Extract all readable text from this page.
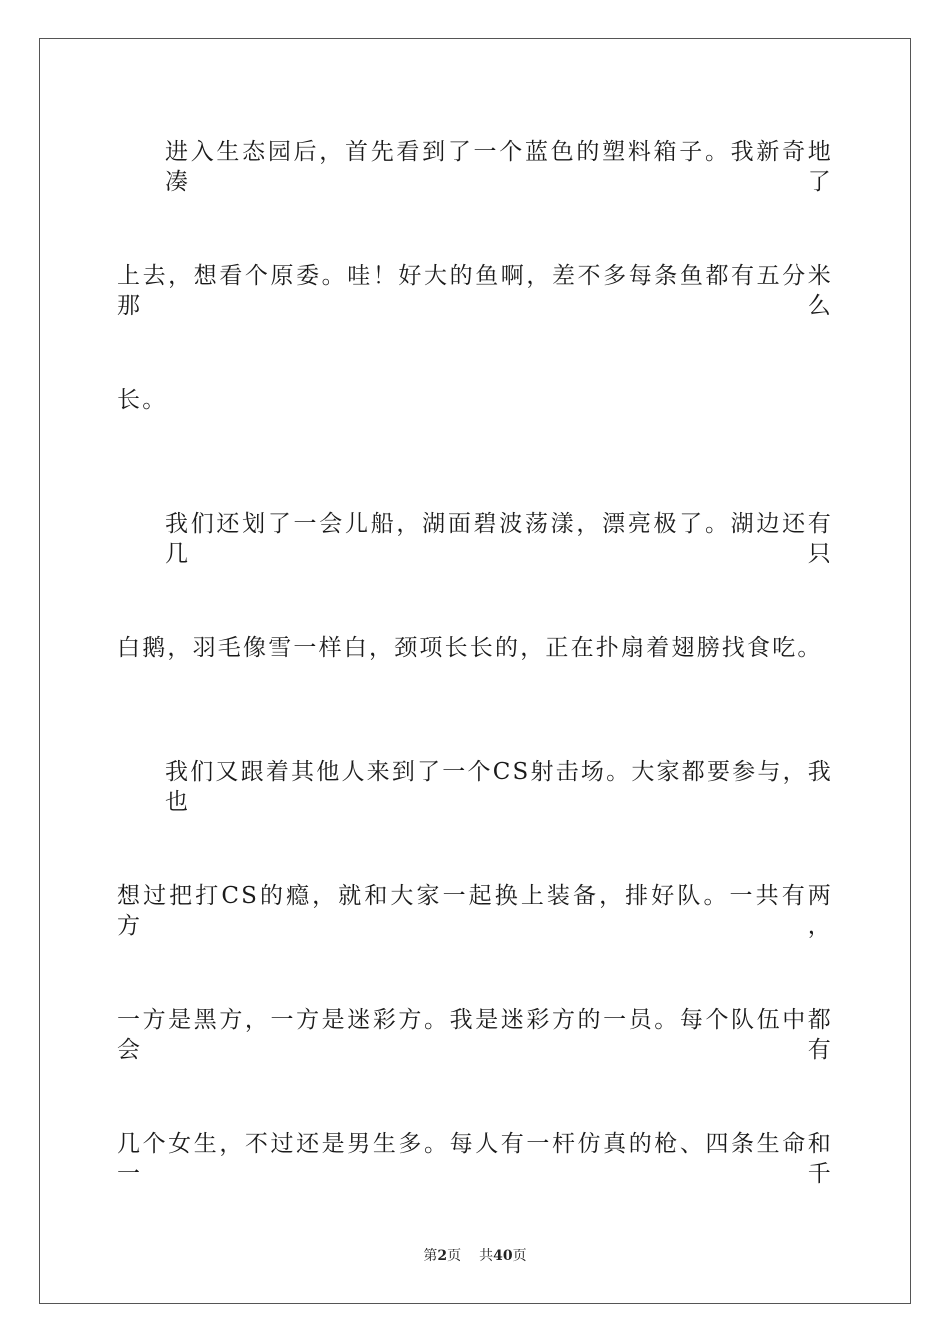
进入生态园后，首先看到了一个蓝色的塑料箱子。我新奇地凑了
上去，想看个原委。哇！好大的鱼啊，差不多每条鱼都有五分米那么
长。
我们还划了一会儿船，湖面碧波荡漾，漂亮极了。湖边还有几只
白鹅，羽毛像雪一样白，颈项长长的，正在扑扇着翅膀找食吃。
我们又跟着其他人来到了一个CS射击场。大家都要参与，我也
想过把打CS的瘾，就和大家一起换上装备，排好队。一共有两方，
一方是黑方，一方是迷彩方。我是迷彩方的一员。每个队伍中都会有
几个女生，不过还是男生多。每人有一杆仿真的枪、四条生命和一千
第2页 共40页
